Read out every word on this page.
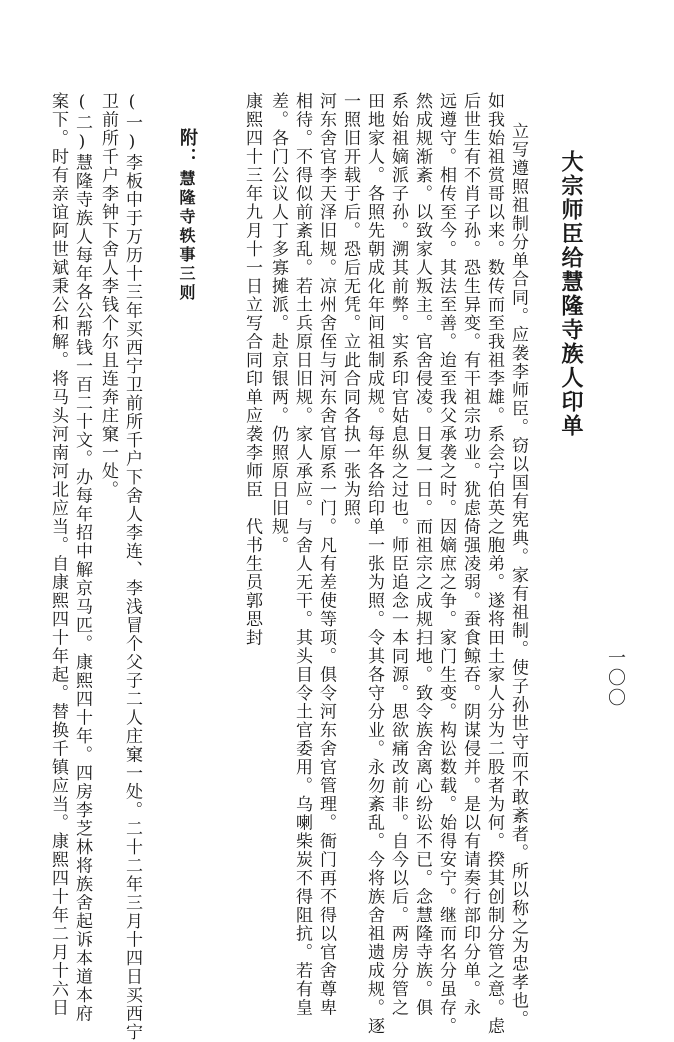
一〇〇
大宗师臣给慧隆寺族人印单
立写遵照祖制分单合同。应袭李师臣。窃以国有宪典。家有祖制。使子孙世守而不敢紊者。所以称之为忠孝也。
如我始祖赏哥以来。数传而至我祖李雄。系会宁伯英之胞弟。遂将田土家人分为二股者为何。揆其创制分管之意。虑
后世生有不肖子孙。恐生异变。有干祖宗功业。犹虑倚强凌弱。蚕食鲸吞。阴谋侵并。是以有请奏行部印分单。永
远遵守。相传至今。其法至善。迨至我父承袭之时。因嫡庶之争。家门生变。构讼数载。始得安宁。继而名分虽存。
然成规渐紊。以致家人叛主。官舍侵凌。日复一日。而祖宗之成规扫地。致令族舍离心纷讼不已。念慧隆寺族。俱
系始祖嫡派子孙。溯其前弊。实系印官姑息纵之过也。师臣追念一本同源。思欲痛改前非。自今以后。两房分管之
田地家人。各照先朝成化年间祖制成规。每年各给印单一张为照。令其各守分业。永勿紊乱。今将族舍祖遗成规。逐
一照旧开载于后。恐后无凭。立此合同各执一张为照。
河东舍官李天泽旧规。凉州舍侄与河东舍官原系一门。凡有差使等项。俱令河东舍官管理。衙门再不得以官舍尊卑
相待。不得似前紊乱。若土兵原日旧规。家人承应。与舍人无干。其头目令土官委用。乌喇柴炭不得阻抗。若有皇
差。各门公议人丁多寡摊派。赴京银两。仍照原日旧规。
康熙四十三年九月十一日立写合同印单应袭李师臣　代书生员郭思封
附：
慧隆寺轶事三则
(一)李板中于万历十三年买西宁卫前所千户下舍人李连、李浅冒个父子二人庄窠一处。二十二年三月十四日买西宁
卫前所千户李钟下舍人李钱个尔且连奔庄窠一处。
(二)慧隆寺族人每年各公帮钱一百二十文。办每年招中解京马匹。康熙四十年。四房李芝林将族舍起诉本道本府
案下。时有亲谊阿世斌秉公和解。将马头河南河北应当。自康熙四十年起。替换千镇应当。康熙四十年二月十六日
